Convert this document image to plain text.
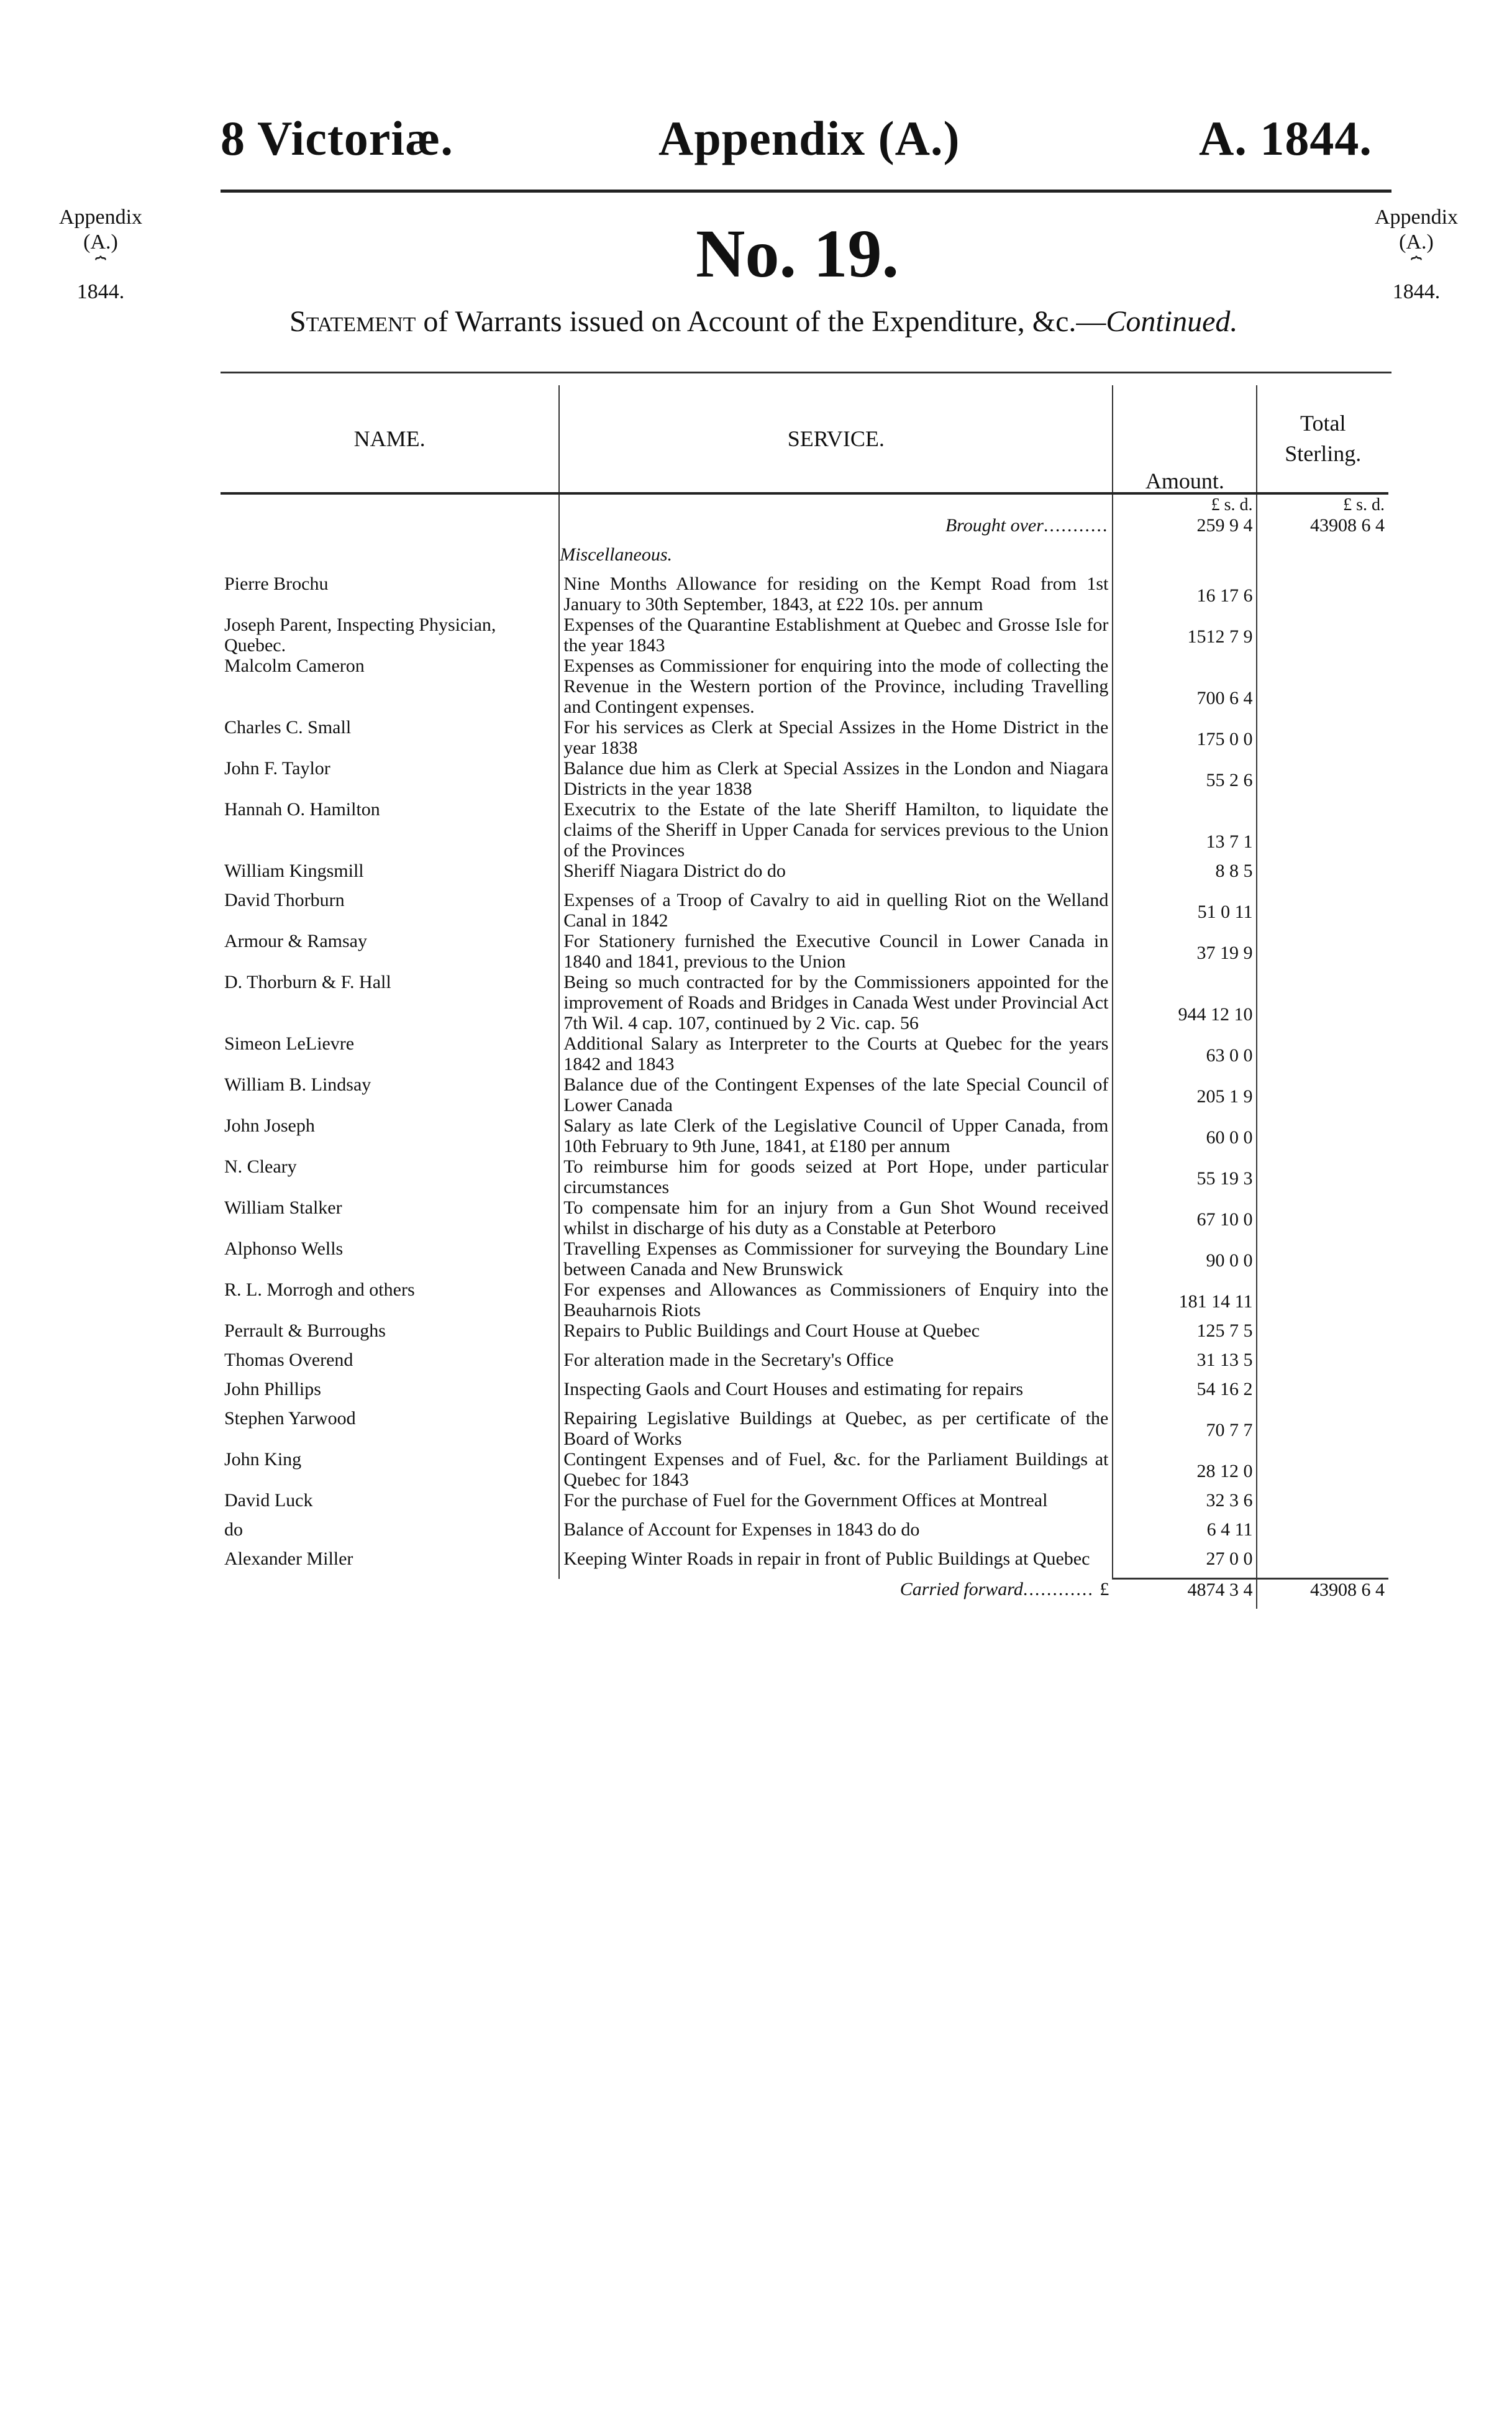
8 Victoriæ.	Appendix (A.)	A. 1844.
Appendix
(A.)
⏞
1844.
Appendix
(A.)
⏞
1844.
No. 19.
Statement of Warrants issued on Account of the Expenditure, &c.—Continued.
NAME.	SERVICE.	Amount.	Total
Sterling.

		£ s. d.	£ s. d.
	Brought over...........	259 9 4	43908 6 4
	Miscellaneous.		
Pierre Brochu	Nine Months Allowance for residing on the Kempt Road from 1st January to 30th September, 1843, at £22 10s. per annum	16 17 6	
Joseph Parent, Inspecting Physician, Quebec.	Expenses of the Quarantine Establishment at Quebec and Grosse Isle for the year 1843	1512 7 9	
Malcolm Cameron	Expenses as Commissioner for enquiring into the mode of collecting the Revenue in the Western portion of the Province, including Travelling and Contingent expenses.	700 6 4	
Charles C. Small	For his services as Clerk at Special Assizes in the Home District in the year 1838	175 0 0	
John F. Taylor	Balance due him as Clerk at Special Assizes in the London and Niagara Districts in the year 1838	55 2 6	
Hannah O. Hamilton	Executrix to the Estate of the late Sheriff Hamilton, to liquidate the claims of the Sheriff in Upper Canada for services previous to the Union of the Provinces	13 7 1	
William Kingsmill	Sheriff Niagara District do do	8 8 5	
David Thorburn	Expenses of a Troop of Cavalry to aid in quelling Riot on the Welland Canal in 1842	51 0 11	
Armour & Ramsay	For Stationery furnished the Executive Council in Lower Canada in 1840 and 1841, previous to the Union	37 19 9	
D. Thorburn & F. Hall	Being so much contracted for by the Commissioners appointed for the improvement of Roads and Bridges in Canada West under Provincial Act 7th Wil. 4 cap. 107, continued by 2 Vic. cap. 56	944 12 10	
Simeon LeLievre	Additional Salary as Interpreter to the Courts at Quebec for the years 1842 and 1843	63 0 0	
William B. Lindsay	Balance due of the Contingent Expenses of the late Special Council of Lower Canada	205 1 9	
John Joseph	Salary as late Clerk of the Legislative Council of Upper Canada, from 10th February to 9th June, 1841, at £180 per annum	60 0 0	
N. Cleary	To reimburse him for goods seized at Port Hope, under particular circumstances	55 19 3	
William Stalker	To compensate him for an injury from a Gun Shot Wound received whilst in discharge of his duty as a Constable at Peterboro	67 10 0	
Alphonso Wells	Travelling Expenses as Commissioner for surveying the Boundary Line between Canada and New Brunswick	90 0 0	
R. L. Morrogh and others	For expenses and Allowances as Commissioners of Enquiry into the Beauharnois Riots	181 14 11	
Perrault & Burroughs	Repairs to Public Buildings and Court House at Quebec	125 7 5	
Thomas Overend	For alteration made in the Secretary's Office	31 13 5	
John Phillips	Inspecting Gaols and Court Houses and estimating for repairs	54 16 2	
Stephen Yarwood	Repairing Legislative Buildings at Quebec, as per certificate of the Board of Works	70 7 7	
John King	Contingent Expenses and of Fuel, &c. for the Parliament Buildings at Quebec for 1843	28 12 0	
David Luck	For the purchase of Fuel for the Government Offices at Montreal	32 3 6	
do	Balance of Account for Expenses in 1843 do do	6 4 11	
Alexander Miller	Keeping Winter Roads in repair in front of Public Buildings at Quebec	27 0 0	
	Carried forward............ £	4874 3 4	43908 6 4
